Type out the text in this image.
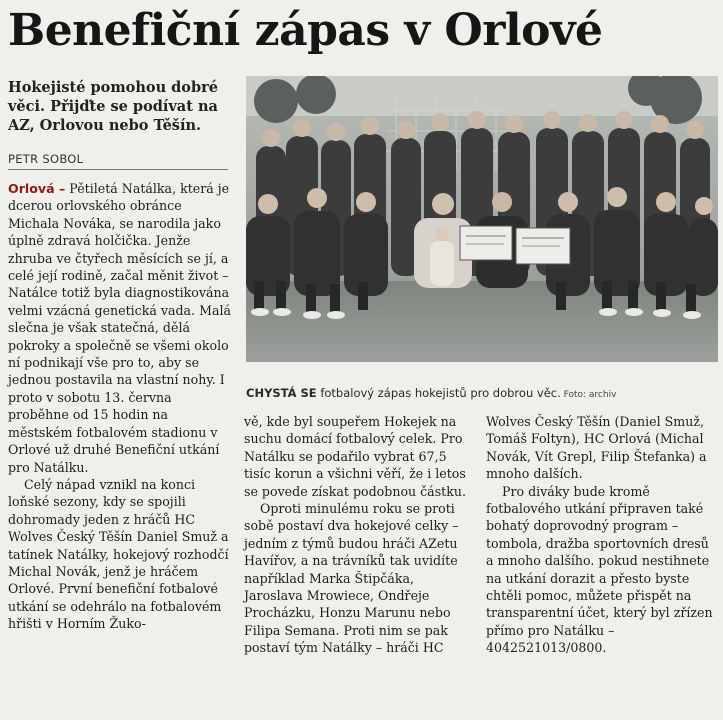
Benefiční zápas v Orlové
Hokejisté pomohou dobré věci. Přijďte se podívat na AZ, Orlovou nebo Těšín.
PETR SOBOL

Orlová – Pětiletá Natálka, která je dcerou orlovského obránce Michala Nováka, se narodila jako úplně zdravá holčička. Jenže zhruba ve čtyřech měsících se jí, a celé její rodině, začal měnit život – Natálce totiž byla diagnostikována velmi vzácná genetická vada. Malá slečna je však statečná, dělá pokroky a společně se všemi okolo ní podnikají vše pro to, aby se jednou postavila na vlastní nohy. I proto v sobotu 13. června proběhne od 15 hodin na městském fotbalovém stadionu v Orlové už druhé Benefiční utkání pro Natálku.

Celý nápad vznikl na konci loňské sezony, kdy se spojili dohromady jeden z hráčů HC Wolves Český Těšín Daniel Smuž a tatínek Natálky, hokejový rozhodčí Michal Novák, jenž je hráčem Orlové. První benefiční fotbalové utkání se odehrálo na fotbalovém hřišti v Horním Žuko-

CHYSTÁ SE fotbalový zápas hokejistů pro dobrou věc. Foto: archiv

vě, kde byl soupeřem Hokejek na suchu domácí fotbalový celek. Pro Natálku se podařilo vybrat 67,5 tisíc korun a všichni věří, že i letos se povede získat podobnou částku.

Oproti minulému roku se proti sobě postaví dva hokejové celky – jedním z týmů budou hráči AZetu Havířov, a na trávníků tak uvidíte například Marka Štipčáka, Jaroslava Mrowiece, Ondřeje Procházku, Honzu Marunu nebo Filipa Semana. Proti nim se pak postaví tým Natálky – hráči HC

Wolves Český Těšín (Daniel Smuž, Tomáš Foltyn), HC Orlová (Michal Novák, Vít Grepl, Filip Štefanka) a mnoho dalších.

Pro diváky bude kromě fotbalového utkání připraven také bohatý doprovodný program – tombola, dražba sportovních dresů a mnoho dalšího. pokud nestihnete na utkání dorazit a přesto byste chtěli pomoc, můžete přispět na transparentní účet, který byl zřízen přímo pro Natálku – 4042521013/0800.
